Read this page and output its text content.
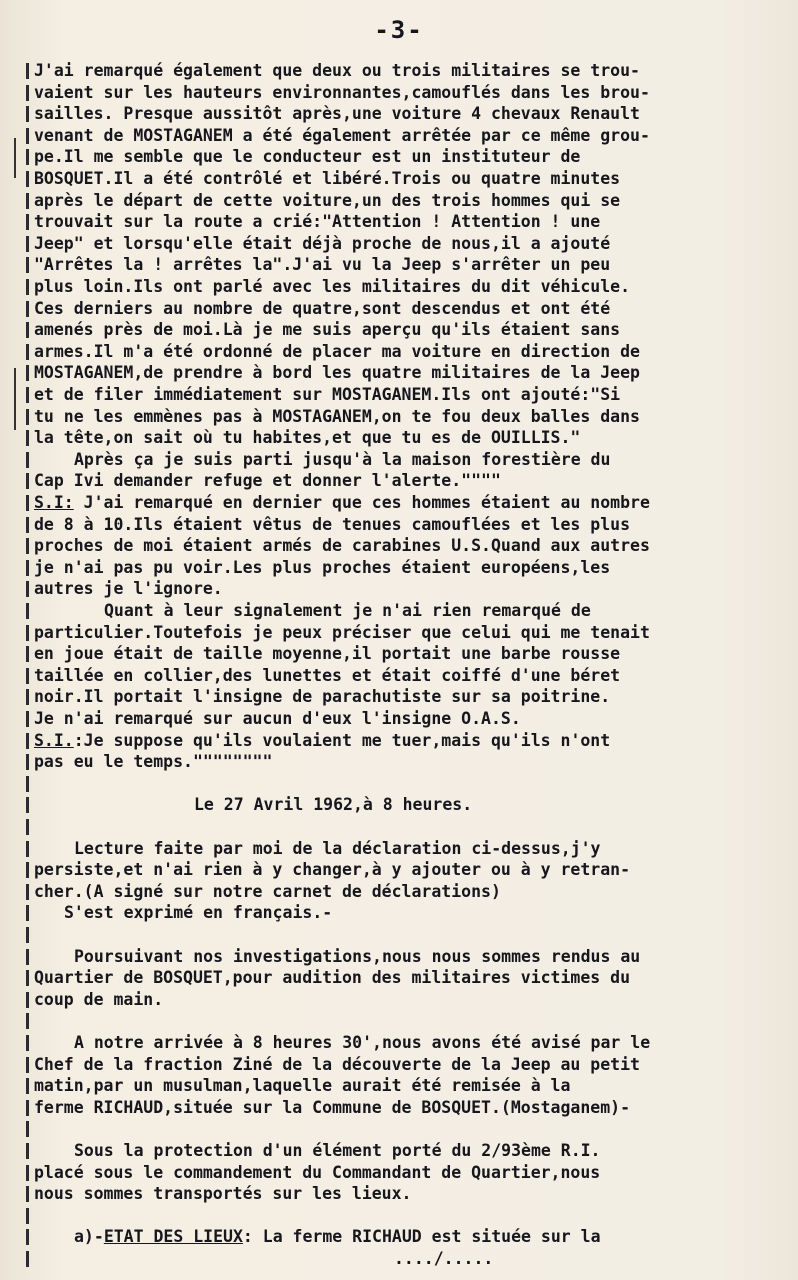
-3-
J'ai remarqué également que deux ou trois militaires se trou-
vaient sur les hauteurs environnantes,camouflés dans les brou-
sailles. Presque aussitôt après,une voiture 4 chevaux Renault
venant de MOSTAGANEM a été également arrêtée par ce même grou-
pe.Il me semble que le conducteur est un instituteur de
BOSQUET.Il a été contrôlé et libéré.Trois ou quatre minutes
après le départ de cette voiture,un des trois hommes qui se
trouvait sur la route a crié:"Attention ! Attention ! une
Jeep" et lorsqu'elle était déjà proche de nous,il a ajouté
"Arrêtes la ! arrêtes la".J'ai vu la Jeep s'arrêter un peu
plus loin.Ils ont parlé avec les militaires du dit véhicule.
Ces derniers au nombre de quatre,sont descendus et ont été
amenés près de moi.Là je me suis aperçu qu'ils étaient sans
armes.Il m'a été ordonné de placer ma voiture en direction de
MOSTAGANEM,de prendre à bord les quatre militaires de la Jeep
et de filer immédiatement sur MOSTAGANEM.Ils ont ajouté:"Si
tu ne les emmènes pas à MOSTAGANEM,on te fou deux balles dans
la tête,on sait où tu habites,et que tu es de OUILLIS."
Après ça je suis parti jusqu'à la maison forestière du
Cap Ivi demander refuge et donner l'alerte.""""
S.I: J'ai remarqué en dernier que ces hommes étaient au nombre
de 8 à 10.Ils étaient vêtus de tenues camouflées et les plus
proches de moi étaient armés de carabines U.S.Quand aux autres
je n'ai pas pu voir.Les plus proches étaient européens,les
autres je l'ignore.
Quant à leur signalement je n'ai rien remarqué de
particulier.Toutefois je peux préciser que celui qui me tenait
en joue était de taille moyenne,il portait une barbe rousse
taillée en collier,des lunettes et était coiffé d'une béret
noir.Il portait l'insigne de parachutiste sur sa poitrine.
Je n'ai remarqué sur aucun d'eux l'insigne O.A.S.
S.I.:Je suppose qu'ils voulaient me tuer,mais qu'ils n'ont
pas eu le temps.""""""""
Le 27 Avril 1962,à 8 heures.
Lecture faite par moi de la déclaration ci-dessus,j'y
persiste,et n'ai rien à y changer,à y ajouter ou à y retran-
cher.(A signé sur notre carnet de déclarations)
S'est exprimé en français.-
Poursuivant nos investigations,nous nous sommes rendus au
Quartier de BOSQUET,pour audition des militaires victimes du
coup de main.
A notre arrivée à 8 heures 30',nous avons été avisé par le
Chef de la fraction Ziné de la découverte de la Jeep au petit
matin,par un musulman,laquelle aurait été remisée à la
ferme RICHAUD,située sur la Commune de BOSQUET.(Mostaganem)-
Sous la protection d'un élément porté du 2/93ème R.I.
placé sous le commandement du Commandant de Quartier,nous
nous sommes transportés sur les lieux.
a)-ETAT DES LIEUX: La ferme RICHAUD est située sur la
..../.....
